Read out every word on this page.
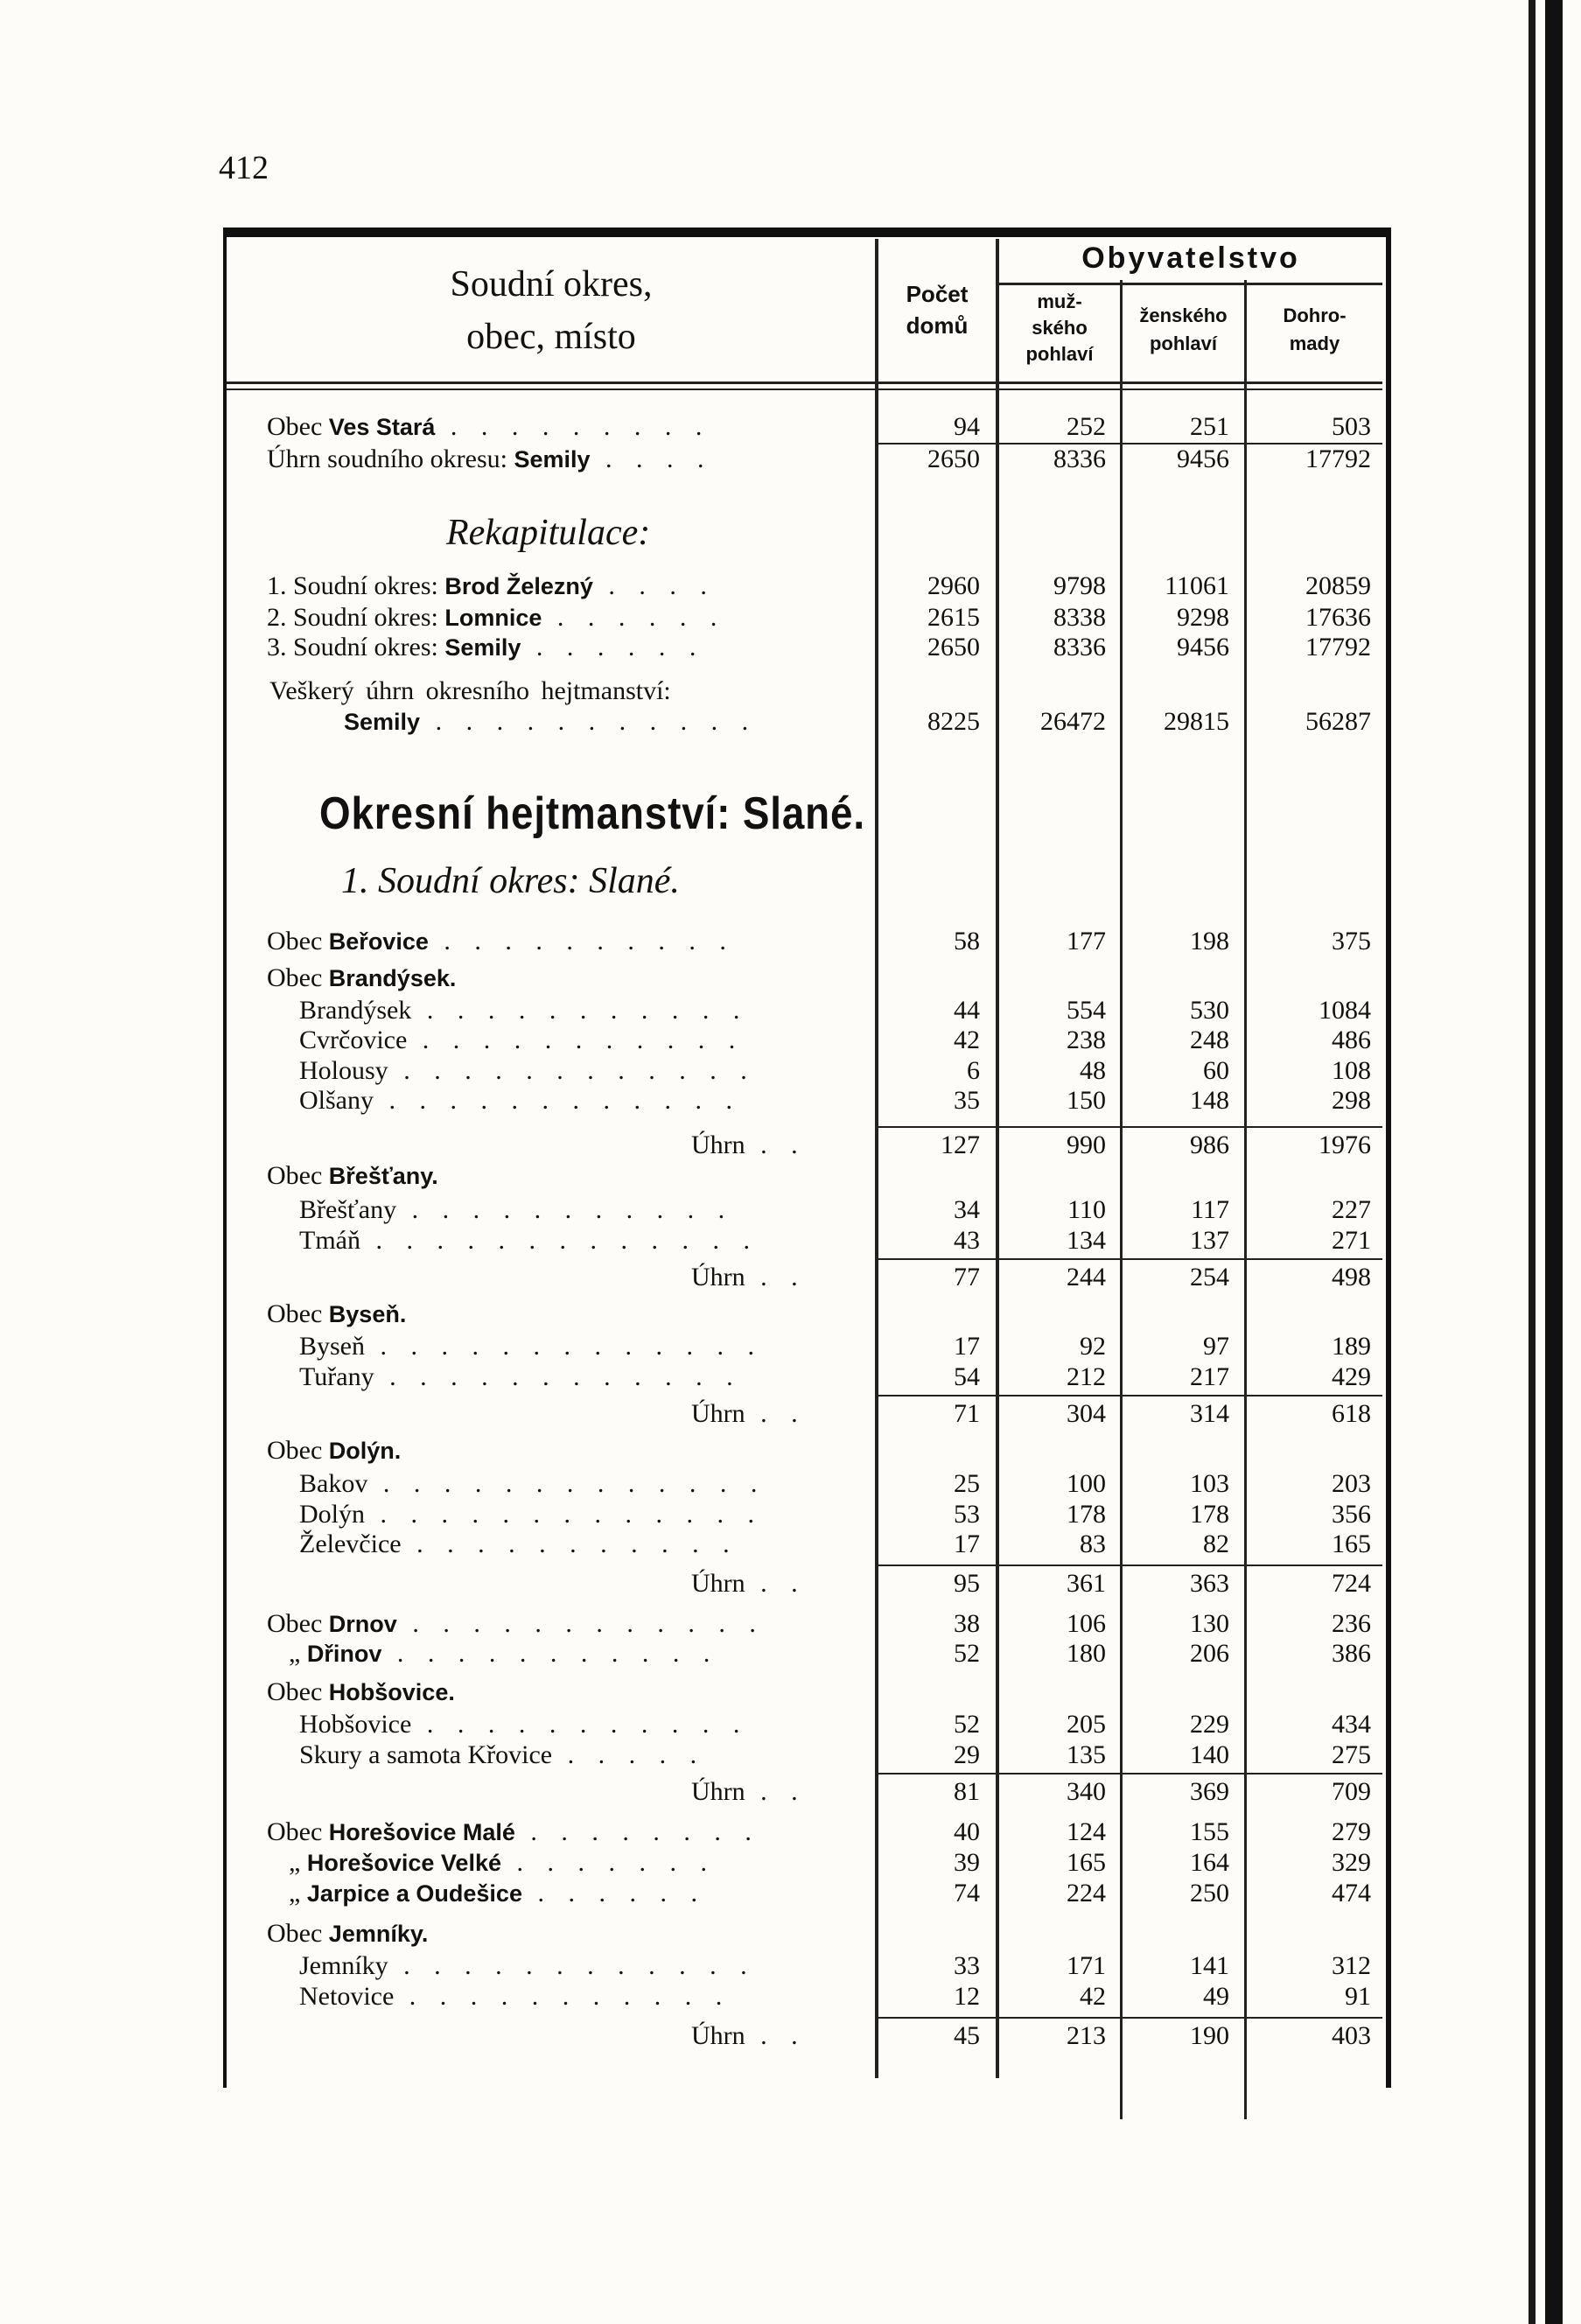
412
Soudní okres,
obec, místo
Počet
domů
Obyvatelstvo
muž-
ského
pohlaví
ženského
pohlaví
Dohro-
mady
Obec Ves Stará . . . . . . . . .	94	252	251	503
Úhrn soudního okresu: Semily . . . .	2650	8336	9456	17792
Rekapitulace:
1. Soudní okres: Brod Železný . . . .	2960	9798	11061	20859
2. Soudní okres: Lomnice . . . . . .	2615	8338	9298	17636
3. Soudní okres: Semily . . . . . .	2650	8336	9456	17792
Veškerý úhrn okresního hejtmanství:
Semily . . . . . . . . . . .	8225	26472	29815	56287
Okresní hejtmanství: Slané.
1. Soudní okres: Slané.
Obec Beřovice . . . . . . . . . .	58	177	198	375
Obec Brandýsek.
Brandýsek . . . . . . . . . . .	44	554	530	1084
Cvrčovice . . . . . . . . . . .	42	238	248	486
Holousy . . . . . . . . . . . .	6	48	60	108
Olšany . . . . . . . . . . . .	35	150	148	298
Úhrn . .	127	990	986	1976
Obec Břešťany.
Břešťany . . . . . . . . . . .	34	110	117	227
Tmáň . . . . . . . . . . . . .	43	134	137	271
Úhrn . .	77	244	254	498
Obec Byseň.
Byseň . . . . . . . . . . . . .	17	92	97	189
Tuřany . . . . . . . . . . . .	54	212	217	429
Úhrn . .	71	304	314	618
Obec Dolýn.
Bakov . . . . . . . . . . . . .	25	100	103	203
Dolýn . . . . . . . . . . . . .	53	178	178	356
Želevčice . . . . . . . . . . .	17	83	82	165
Úhrn . .	95	361	363	724
Obec Drnov . . . . . . . . . . . .	38	106	130	236
„ Dřinov . . . . . . . . . . .	52	180	206	386
Obec Hobšovice.
Hobšovice . . . . . . . . . . .	52	205	229	434
Skury a samota Křovice . . . . .	29	135	140	275
Úhrn . .	81	340	369	709
Obec Horešovice Malé . . . . . . . .	40	124	155	279
„ Horešovice Velké . . . . . . .	39	165	164	329
„ Jarpice a Oudešice . . . . . .	74	224	250	474
Obec Jemníky.
Jemníky . . . . . . . . . . . .	33	171	141	312
Netovice . . . . . . . . . . .	12	42	49	91
Úhrn . .	45	213	190	403
